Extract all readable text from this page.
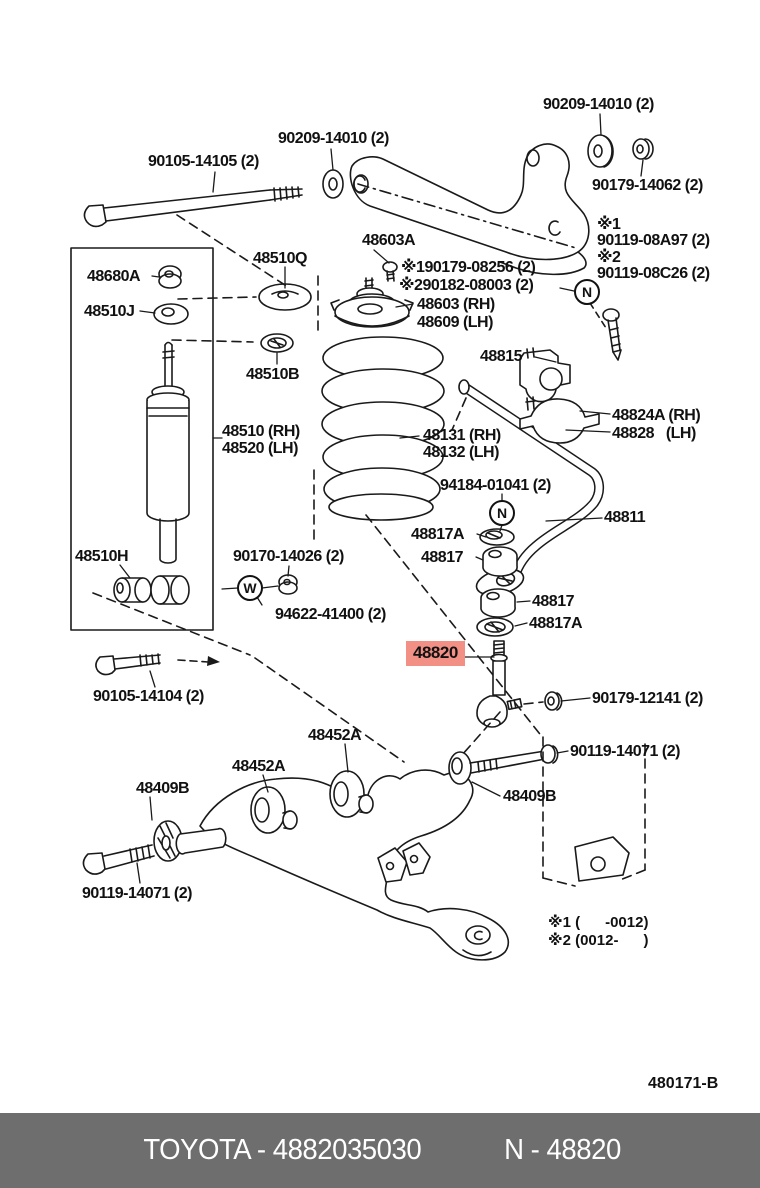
90209-14010 (2)
90105-14105 (2)
90209-14010 (2)
90179-14062 (2)
※1
90119-08A97 (2)
※2
90119-08C26 (2)
48603A
※190179-08256 (2)
※290182-08003 (2)
48603 (RH)
48609 (LH)
48510Q
48680A
48510J
48510B
48815
48824A (RH)
48828   (LH)
48510 (RH)
48520 (LH)
48131 (RH)
48132 (LH)
94184-01041 (2)
48817A
48817
48811
48817
48817A
90179-12141 (2)
90105-14104 (2)
48452A
48452A
48409B
90119-14071 (2)
48409B
90119-14071 (2)
48510H	90170-14026 (2)
94622-41400 (2)
48820
※1 (      -0012)
※2 (0012-      )
N
N
W
480171-B
TOYOTA - 4882035030	N - 48820
